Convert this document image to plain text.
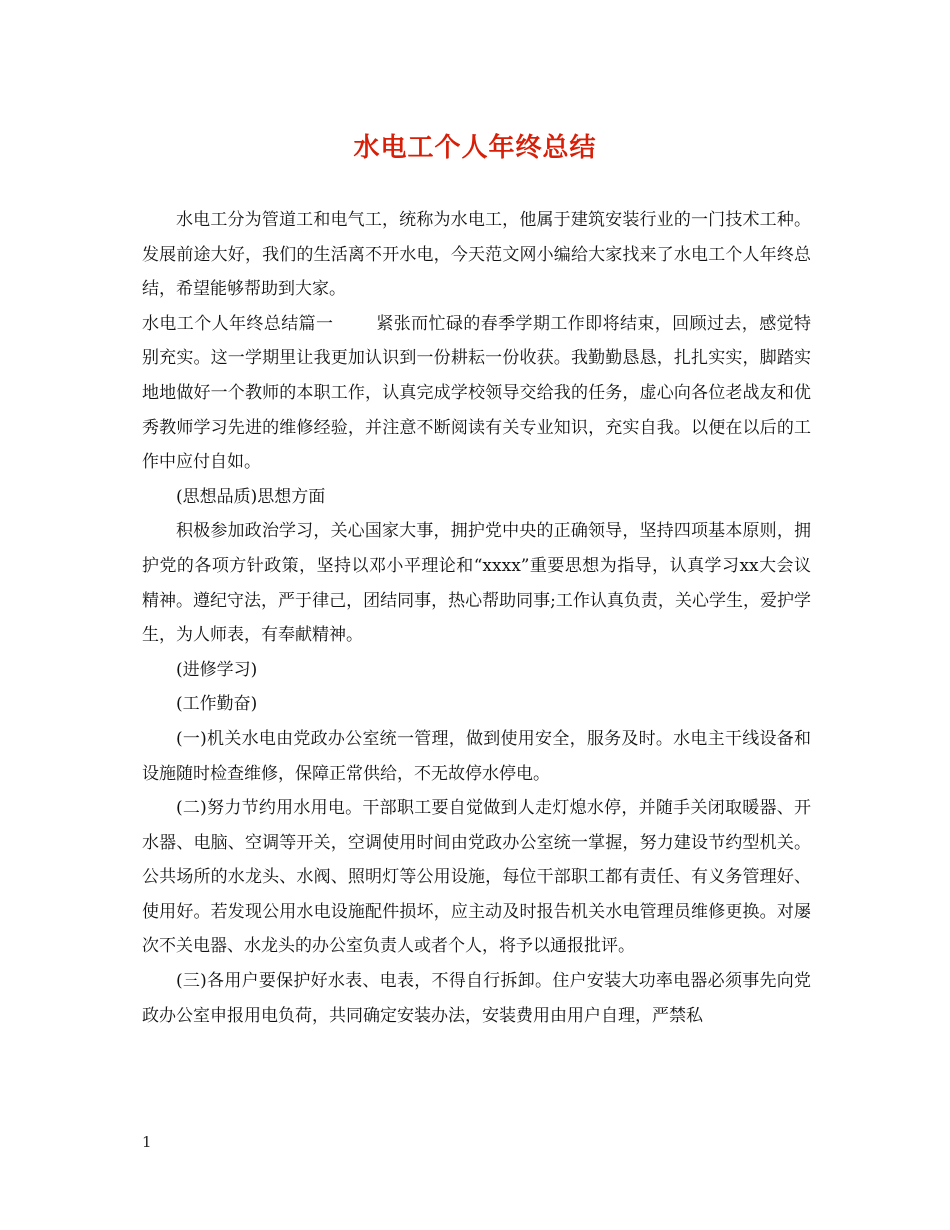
水电工个人年终总结

水电工分为管道工和电气工，统称为水电工，他属于建筑安装行业的一门技术工种。发展前途大好，我们的生活离不开水电，今天范文网小编给大家找来了水电工个人年终总结，希望能够帮助到大家。

水电工个人年终总结篇一	紧张而忙碌的春季学期工作即将结束，回顾过去，感觉特别充实。这一学期里让我更加认识到一份耕耘一份收获。我勤勤恳恳，扎扎实实，脚踏实地地做好一个教师的本职工作，认真完成学校领导交给我的任务，虚心向各位老战友和优秀教师学习先进的维修经验，并注意不断阅读有关专业知识，充实自我。以便在以后的工作中应付自如。

(思想品质)思想方面

积极参加政治学习，关心国家大事，拥护党中央的正确领导，坚持四项基本原则，拥护党的各项方针政策，坚持以邓小平理论和“xxxx”重要思想为指导，认真学习xx大会议精神。遵纪守法，严于律己，团结同事，热心帮助同事;工作认真负责，关心学生，爱护学生，为人师表，有奉献精神。

(进修学习)

(工作勤奋)

(一)机关水电由党政办公室统一管理，做到使用安全，服务及时。水电主干线设备和设施随时检查维修，保障正常供给，不无故停水停电。

(二)努力节约用水用电。干部职工要自觉做到人走灯熄水停，并随手关闭取暖器、开水器、电脑、空调等开关，空调使用时间由党政办公室统一掌握，努力建设节约型机关。公共场所的水龙头、水阀、照明灯等公用设施，每位干部职工都有责任、有义务管理好、使用好。若发现公用水电设施配件损坏，应主动及时报告机关水电管理员维修更换。对屡次不关电器、水龙头的办公室负责人或者个人，将予以通报批评。

(三)各用户要保护好水表、电表，不得自行拆卸。住户安装大功率电器必须事先向党政办公室申报用电负荷，共同确定安装办法，安装费用由用户自理，严禁私

1
